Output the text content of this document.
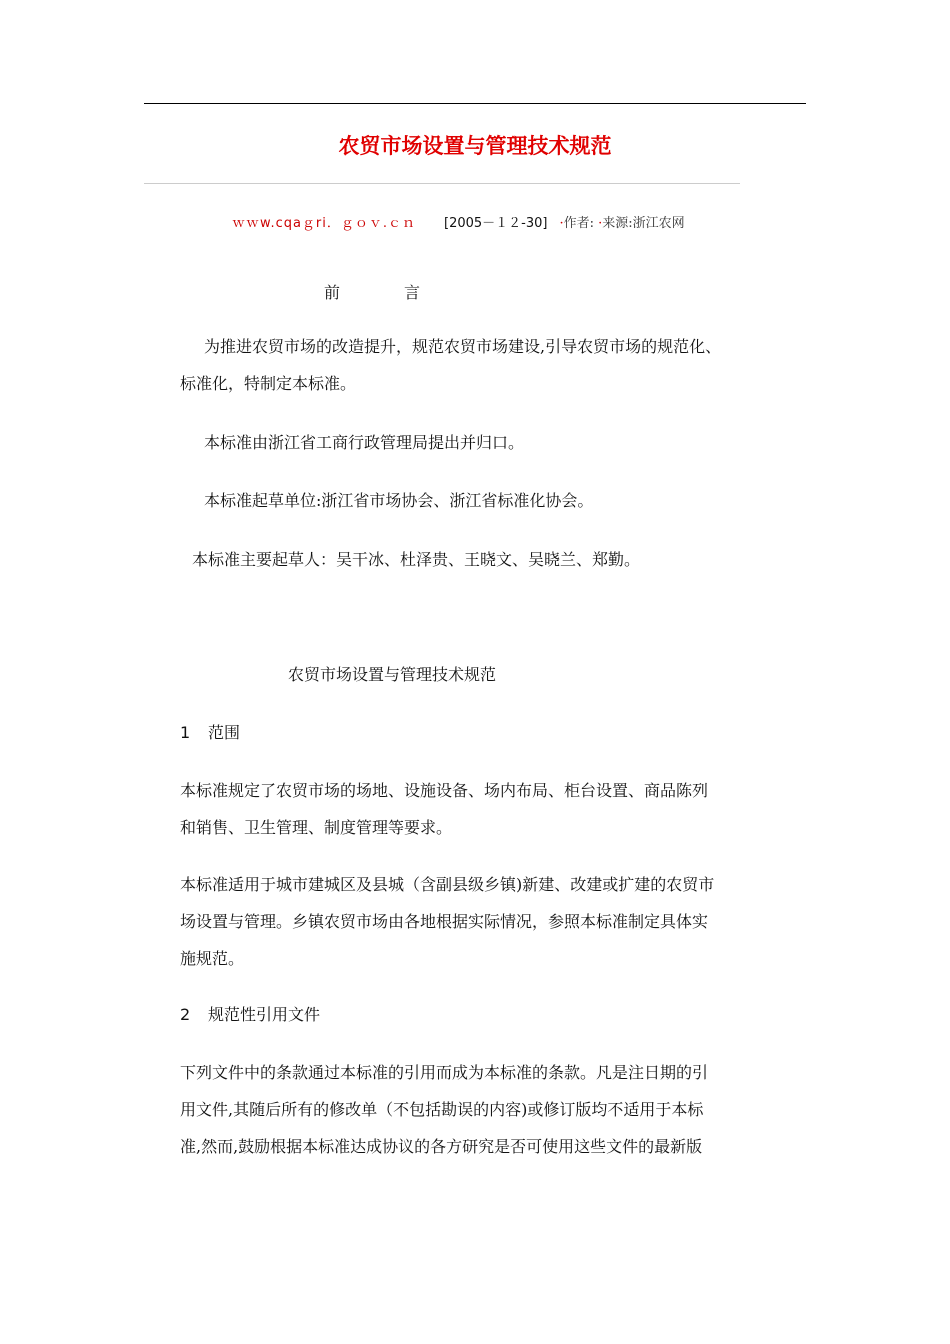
农贸市场设置与管理技术规范
ｗｗw.cqaｇri．ｇｏｖ.ｃｎ [2005－１２-30] ·作者: ·来源:浙江农网
前	言
为推进农贸市场的改造提升，规范农贸市场建设,引导农贸市场的规范化、
标准化，特制定本标准。
本标准由浙江省工商行政管理局提出并归口。
本标准起草单位:浙江省市场协会、浙江省标准化协会。
本标准主要起草人：吴干冰、杜泽贵、王晓文、吴晓兰、郑勤。
农贸市场设置与管理技术规范
1 范围
本标准规定了农贸市场的场地、设施设备、场内布局、柜台设置、商品陈列
和销售、卫生管理、制度管理等要求。
本标准适用于城市建城区及县城（含副县级乡镇)新建、改建或扩建的农贸市
场设置与管理。乡镇农贸市场由各地根据实际情况，参照本标准制定具体实
施规范。
2 规范性引用文件
下列文件中的条款通过本标准的引用而成为本标准的条款。凡是注日期的引
用文件,其随后所有的修改单（不包括勘误的内容)或修订版均不适用于本标
准,然而,鼓励根据本标准达成协议的各方研究是否可使用这些文件的最新版
